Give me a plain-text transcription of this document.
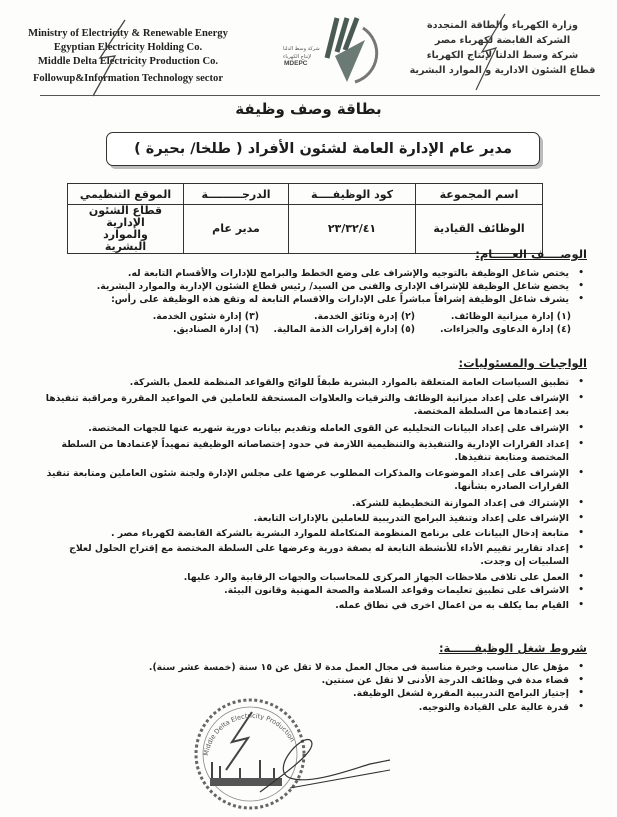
Ministry of Electricity & Renewable Energy
Egyptian Electricity Holding Co.
Middle Delta Electricity Production Co.
Followup&Information Technology sector
شركة وسط الدلتا
لإنتاج الكهرباء
MDEPC
وزارة الكهرباء والطاقة المتجددة
الشركة القابضة لكهرباء مصر
شركة وسط الدلتا لإنتاج الكهرباء
قطاع الشئون الادارية و الموارد البشرية
بطاقة وصف وظيفة
مدير عام الإدارة العامة لشئون الأفراد ( طلخا/ بحيرة )
اسم المجموعة	كود الوظيفــــة	الدرجـــــــــة	الموقع التنظيمي
الوظائف القيادية	٢٣/٣٢/٤١	مدير عام	قطاع الشئون الإدارية والموارد البشرية
الوصــــف العـــــام:
• يختص شاغل الوظيفة بالتوجيه والإشراف على وضع الخطط والبرامج للإدارات والأقسام التابعة له.
• يخضع شاغل الوظيفة للإشراف الإدارى والفنى من السيد/ رئيس قطاع الشئون الإدارية والموارد البشرية.
• يشرف شاغل الوظيفة إشرافاً مباشراً على الإدارات والاقسام التابعة له وتقع هذه الوظيفة على رأس:
(١) إدارة ميزانية الوظائف.
(٢) إدرة وثائق الخدمة.
(٣) إدارة شئون الخدمة.
(٤) إدارة الدعاوى والجزاءات.
(٥) إدارة إقرارات الذمة المالية.
(٦) إدارة الصناديق.
الواجبات والمسئوليات:
• تطبيق السياسات العامة المتعلقة بالموارد البشرية طبقاً للوائح والقواعد المنظمة للعمل بالشركة.
• الإشراف على إعداد ميزانية الوظائف والترقيات والعلاوات المستحقة للعاملين في المواعيد المقررة ومراقبة تنفيذها بعد إعتمادها من السلطة المختصة.
• الإشراف على إعداد البيانات التحليليه عن القوى العامله وتقديم بيانات دورية شهريه عنها للجهات المختصة.
• إعداد القرارات الإدارية والتنفيذية والتنظيمية اللازمة في حدود إختصاصاته الوظيفية تمهيداً لإعتمادها من السلطة المختصة ومتابعة تنفيذها.
• الإشراف على إعداد الموضوعات والمذكرات المطلوب عرضها على مجلس الإدارة ولجنة شئون العاملين ومتابعة تنفيذ القرارات الصادره بشأنها.
• الإشتراك فى إعداد الموازنة التخطيطية للشركة.
• الإشراف على إعداد وتنفيذ البرامج التدريبية للعاملين بالإدارات التابعة.
• متابعة إدخال البيانات على برنامج المنظومة المتكاملة للموارد البشرية بالشركة القابضة لكهرباء مصر .
• إعداد تقارير تقييم الأداء للأنشطة التابعة له بصفة دورية وعرضها على السلطة المختصة مع إقتراح الحلول لعلاج السلبيات إن وجدت.
• العمل على تلافى ملاحظات الجهاز المركزى للمحاسبات والجهات الرقابية والرد عليها.
• الاشراف على تطبيق تعليمات وقواعد السلامة والصحة المهنية وقانون البيئة.
• القيام بما يكلف به من اعمال اخرى في نطاق عمله.
شروط شغل الوظيفــــــة:
• مؤهل عال مناسب وخبرة مناسبة فى مجال العمل مدة لا تقل عن ١٥ سنة (خمسة عشر سنة).
• قضاء مدة في وظائف الدرجة الأدنى لا تقل عن سنتين.
• إجتياز البرامج التدريبية المقررة لشغل الوظيفة.
• قدرة عالية على القيادة والتوجيه.
Middle Delta Electricity Production
